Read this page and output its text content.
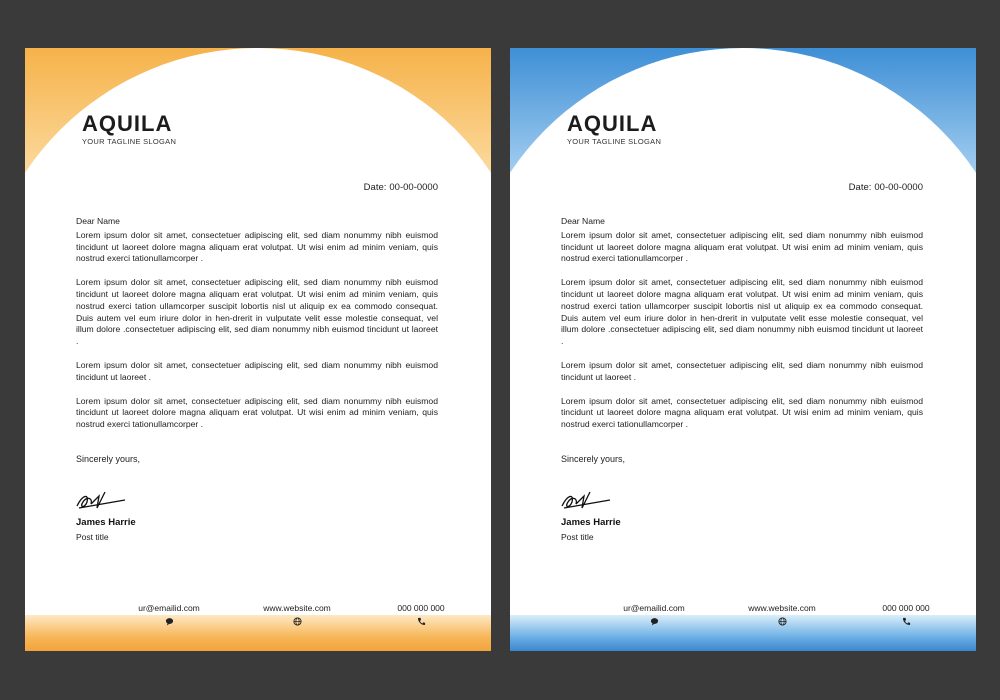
AQUILA
YOUR TAGLINE SLOGAN
Date: 00-00-0000
Dear Name

Lorem ipsum dolor sit amet, consectetuer adipiscing elit, sed diam nonummy nibh euismod tincidunt ut laoreet dolore magna aliquam erat volutpat. Ut wisi enim ad minim veniam, quis nostrud exerci tationullamcorper .

Lorem ipsum dolor sit amet, consectetuer adipiscing elit, sed diam nonummy nibh euismod tincidunt ut laoreet dolore magna aliquam erat volutpat. Ut wisi enim ad minim veniam, quis nostrud exerci tation ullamcorper suscipit lobortis nisl ut aliquip ex ea commodo consequat. Duis autem vel eum iriure dolor in hen-drerit in vulputate velit esse molestie consequat, vel illum dolore .consectetuer adipiscing elit, sed diam nonummy nibh euismod tincidunt ut laoreet .

Lorem ipsum dolor sit amet, consectetuer adipiscing elit, sed diam nonummy nibh euismod tincidunt ut laoreet .

Lorem ipsum dolor sit amet, consectetuer adipiscing elit, sed diam nonummy nibh euismod tincidunt ut laoreet dolore magna aliquam erat volutpat. Ut wisi enim ad minim veniam, quis nostrud exerci tationullamcorper .

Sincerely yours,
James Harrie
Post title
ur@emailid.com	www.website.com	000 000 000
AQUILA
YOUR TAGLINE SLOGAN
Date: 00-00-0000
Dear Name

Lorem ipsum dolor sit amet, consectetuer adipiscing elit, sed diam nonummy nibh euismod tincidunt ut laoreet dolore magna aliquam erat volutpat. Ut wisi enim ad minim veniam, quis nostrud exerci tationullamcorper .

Lorem ipsum dolor sit amet, consectetuer adipiscing elit, sed diam nonummy nibh euismod tincidunt ut laoreet dolore magna aliquam erat volutpat. Ut wisi enim ad minim veniam, quis nostrud exerci tation ullamcorper suscipit lobortis nisl ut aliquip ex ea commodo consequat. Duis autem vel eum iriure dolor in hen-drerit in vulputate velit esse molestie consequat, vel illum dolore .consectetuer adipiscing elit, sed diam nonummy nibh euismod tincidunt ut laoreet .

Lorem ipsum dolor sit amet, consectetuer adipiscing elit, sed diam nonummy nibh euismod tincidunt ut laoreet .

Lorem ipsum dolor sit amet, consectetuer adipiscing elit, sed diam nonummy nibh euismod tincidunt ut laoreet dolore magna aliquam erat volutpat. Ut wisi enim ad minim veniam, quis nostrud exerci tationullamcorper .

Sincerely yours,
James Harrie
Post title
ur@emailid.com	www.website.com	000 000 000
